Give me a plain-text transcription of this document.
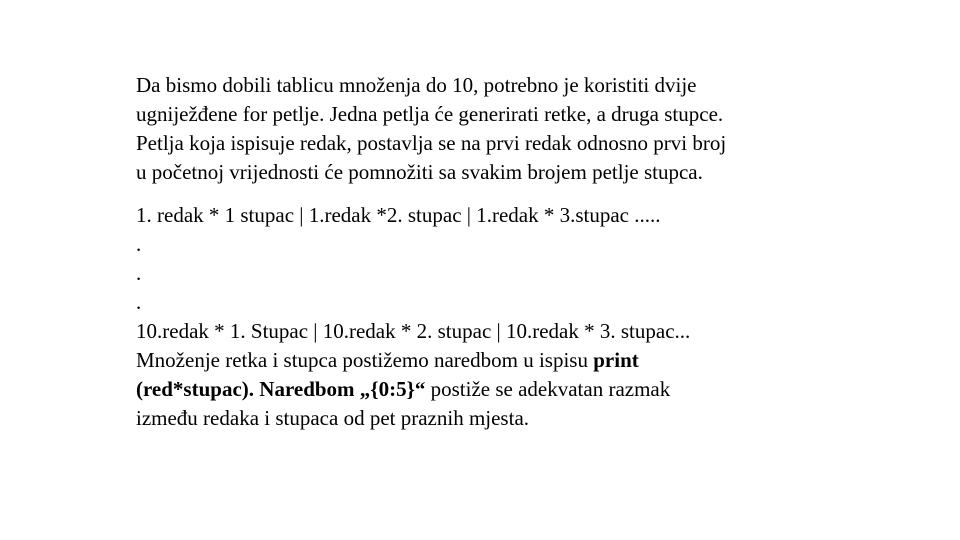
Da bismo dobili tablicu množenja do 10, potrebno je koristiti dvije
ugniježđene for petlje. Jedna petlja će generirati retke, a druga stupce.
Petlja koja ispisuje redak, postavlja se na prvi redak odnosno prvi broj
u početnoj vrijednosti će pomnožiti sa svakim brojem petlje stupca.
1. redak * 1 stupac | 1.redak *2. stupac | 1.redak * 3.stupac .....
.
.
.
10.redak * 1. Stupac | 10.redak * 2. stupac | 10.redak * 3. stupac...
Množenje retka i stupca postižemo naredbom u ispisu print
(red*stupac). Naredbom „{0:5}“ postiže se adekvatan razmak
između redaka i stupaca od pet praznih mjesta.
